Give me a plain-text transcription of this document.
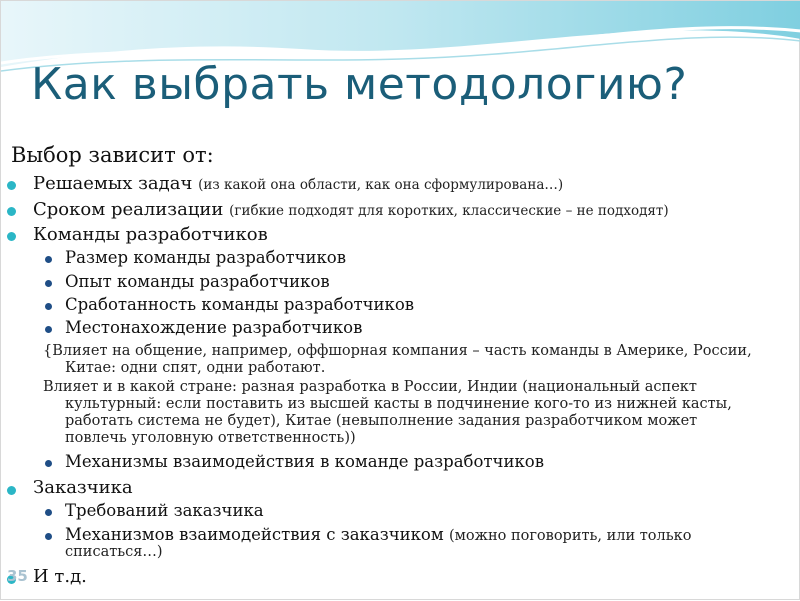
Как выбрать методологию?
Выбор зависит от:
Решаемых задач (из какой она области, как она сформулирована…)
Сроком реализации (гибкие подходят для коротких, классические – не подходят)
Команды разработчиков
Размер команды разработчиков
Опыт команды разработчиков
Сработанность команды разработчиков
Местонахождение разработчиков
{Влияет на общение, например, оффшорная компания – часть команды в Америке, России,
Китае: одни спят, одни работают.
Влияет и в какой стране: разная разработка в России, Индии (национальный аспект
культурный: если поставить из высшей касты в подчинение кого-то из нижней касты,
работать система не будет), Китае (невыполнение задания разработчиком может
повлечь уголовную ответственность))
Механизмы взаимодействия в команде разработчиков
Заказчика
Требований заказчика
Механизмов взаимодействия с заказчиком (можно поговорить, или только
списаться…)
И т.д.
35
